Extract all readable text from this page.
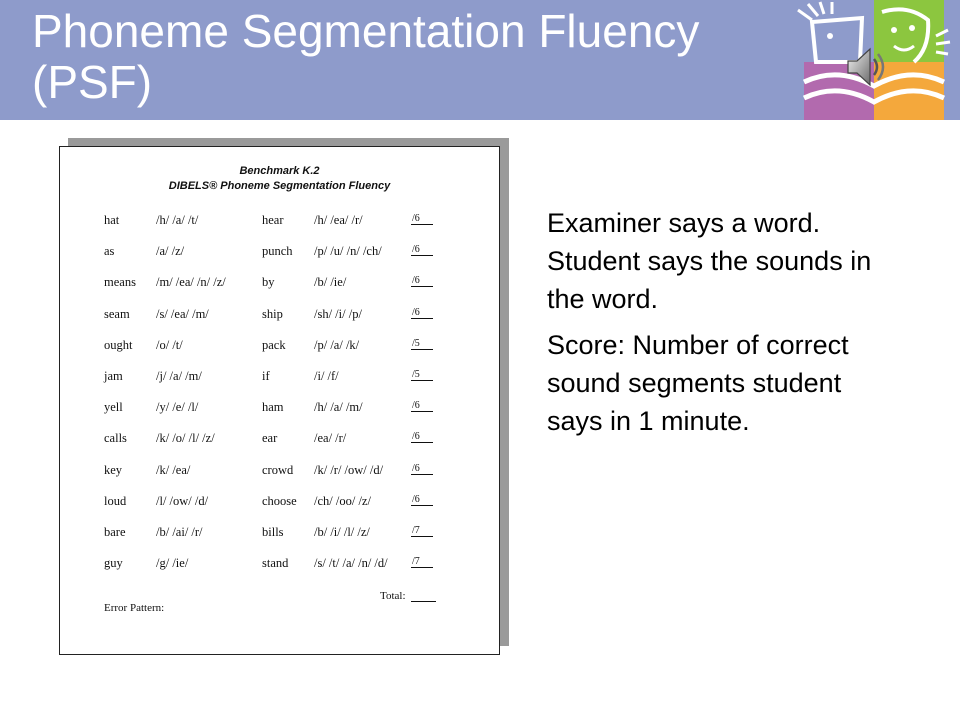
Phoneme Segmentation Fluency (PSF)
Benchmark K.2
DIBELS® Phoneme Segmentation Fluency
hat	/h/ /a/ /t/	hear /h/ /ea/ /r/	/6
as	/a/ /z/	punch /p/ /u/ /n/ /ch/	/6
means /m/ /ea/ /n/ /z/	by	/b/ /ie/	/6
seam /s/ /ea/ /m/	ship /sh/ /i/ /p/	/6
ought /o/ /t/	pack /p/ /a/ /k/	/5
jam	/j/ /a/ /m/	if	/i/ /f/	/5
yell	/y/ /e/ /l/	ham /h/ /a/ /m/	/6
calls /k/ /o/ /l/ /z/	ear	/ea/ /r/	/6
key	/k/ /ea/	crowd /k/ /r/ /ow/ /d/	/6
loud /l/ /ow/ /d/	choose /ch/ /oo/ /z/	/6
bare /b/ /ai/ /r/	bills /b/ /i/ /l/ /z/	/7
guy	/g/ /ie/	stand /s/ /t/ /a/ /n/ /d/ /7
Total:
Error Pattern:

Examiner says a word. Student says the sounds in the word.

Score: Number of correct sound segments student says in 1 minute.
